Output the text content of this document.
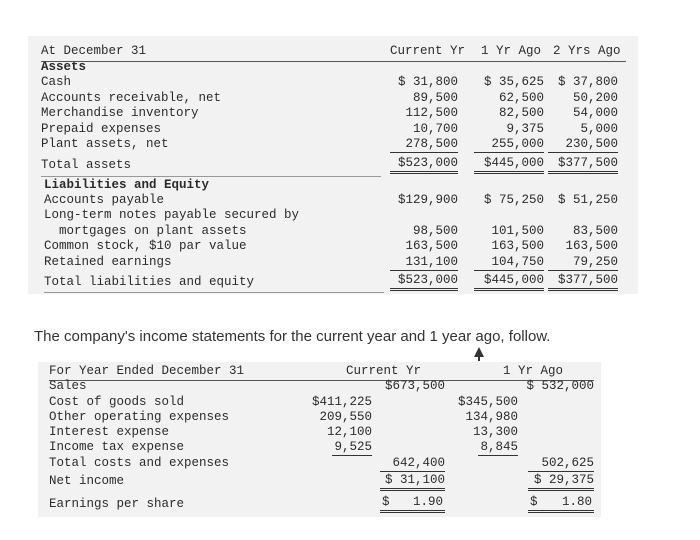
At December 31	Current Yr 1 Yr Ago 2 Yrs Ago
Assets
Cash	$ 31,800	$ 35,625	$ 37,800
Accounts receivable, net	89,500	62,500	50,200
Merchandise inventory	112,500	82,500	54,000
Prepaid expenses	10,700	9,375	5,000
Plant assets, net	278,500	255,000	230,500
Total assets	$523,000	$445,000	$377,500
Liabilities and Equity
Accounts payable	$129,900	$ 75,250	$ 51,250
Long-term notes payable secured by
mortgages on plant assets	98,500	101,500	83,500
Common stock, $10 par value	163,500	163,500	163,500
Retained earnings	131,100	104,750	79,250
Total liabilities and equity	$523,000	$445,000	$377,500
The company's income statements for the current year and 1 year ago, follow.
For Year Ended December 31	Current Yr	1 Yr Ago
Sales	$673,500	$ 532,000
Cost of goods sold	$411,225	$345,500
Other operating expenses	209,550	134,980
Interest expense	12,100	13,300
Income tax expense	9,525	8,845
Total costs and expenses	642,400	502,625
Net income	$ 31,100	$ 29,375
Earnings per share	$	1.90	$	1.80
